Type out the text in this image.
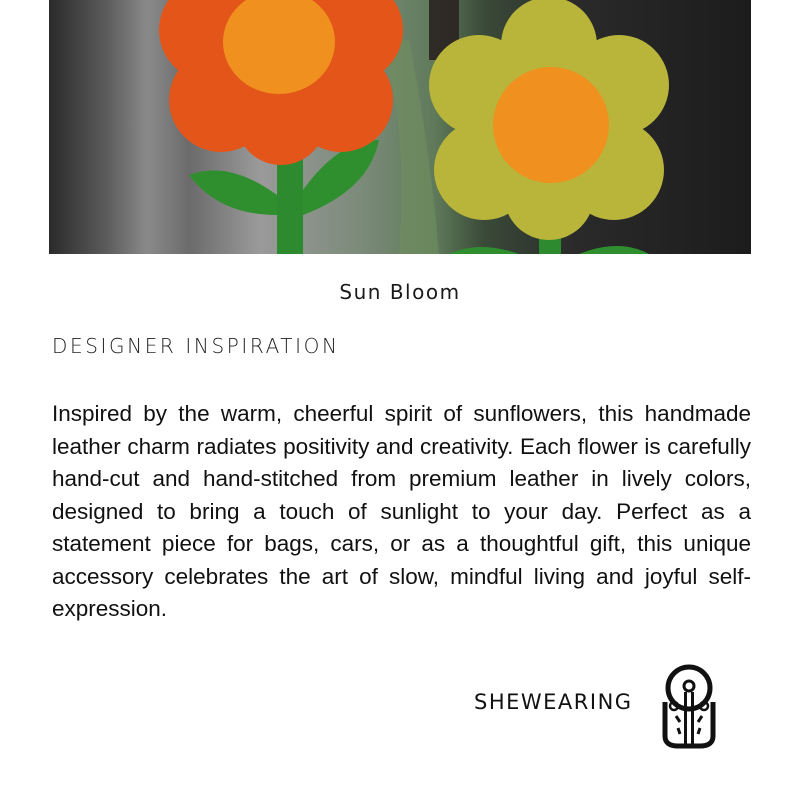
Sun Bloom
DESIGNER INSPIRATION
Inspired by the warm, cheerful spirit of sunflowers, this handmade leather charm radiates positivity and creativity. Each flower is carefully hand-cut and hand-stitched from premium leather in lively colors, designed to bring a touch of sunlight to your day. Perfect as a statement piece for bags, cars, or as a thoughtful gift, this unique accessory celebrates the art of slow, mindful living and joyful self-expression.
SHEWEARING
